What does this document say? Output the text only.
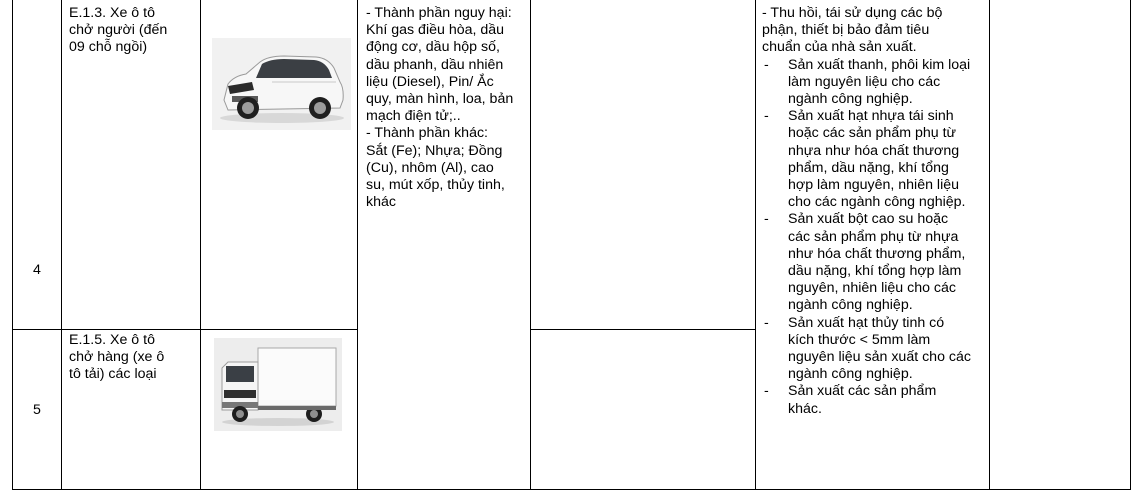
4
E.1.3. Xe ô tô
chở người (đến
09 chỗ ngồi)
5
E.1.5. Xe ô tô
chở hàng (xe ô
tô tải) các loại
- Thành phần nguy hại:
Khí gas điều hòa, dầu
động cơ, dầu hộp số,
dầu phanh, dầu nhiên
liệu (Diesel), Pin/ Ắc
quy, màn hình, loa, bản
mạch điện tử;..
- Thành phần khác:
Sắt (Fe); Nhựa; Đồng
(Cu), nhôm (Al), cao
su, mút xốp, thủy tinh,
khác
- Thu hồi, tái sử dụng các bộ
phận, thiết bị bảo đảm tiêu
chuẩn của nhà sản xuất.
- Sản xuất thanh, phôi kim loại
làm nguyên liệu cho các
ngành công nghiệp.
- Sản xuất hạt nhựa tái sinh
hoặc các sản phẩm phụ từ
nhựa như hóa chất thương
phẩm, dầu nặng, khí tổng
hợp làm nguyên, nhiên liệu
cho các ngành công nghiệp.
- Sản xuất bột cao su hoặc
các sản phẩm phụ từ nhựa
như hóa chất thương phẩm,
dầu nặng, khí tổng hợp làm
nguyên, nhiên liệu cho các
ngành công nghiệp.
- Sản xuất hạt thủy tinh có
kích thước < 5mm làm
nguyên liệu sản xuất cho các
ngành công nghiệp.
- Sản xuất các sản phẩm
khác.
